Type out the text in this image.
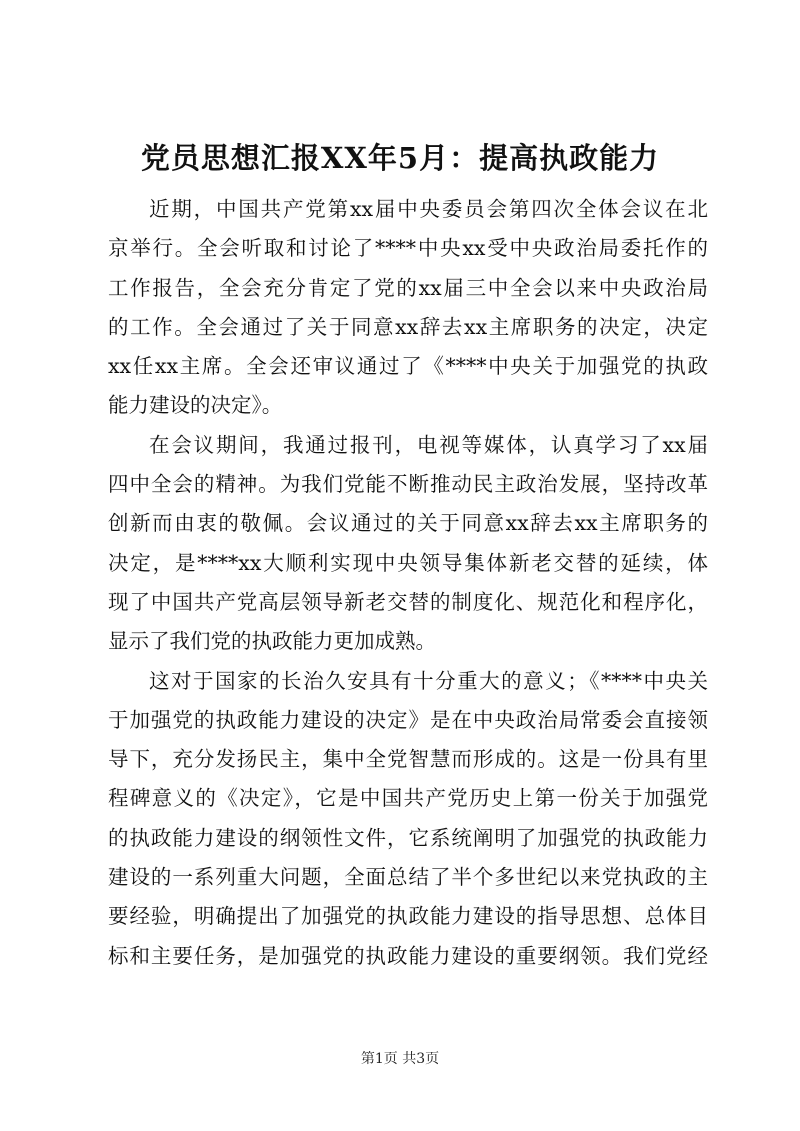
党员思想汇报XX年5月：提高执政能力
近期，中国共产党第xx届中央委员会第四次全体会议在北
京举行。全会听取和讨论了****中央xx受中央政治局委托作的
工作报告，全会充分肯定了党的xx届三中全会以来中央政治局
的工作。全会通过了关于同意xx辞去xx主席职务的决定，决定
xx任xx主席。全会还审议通过了《****中央关于加强党的执政
能力建设的决定》。
在会议期间，我通过报刊，电视等媒体，认真学习了xx届
四中全会的精神。为我们党能不断推动民主政治发展，坚持改革
创新而由衷的敬佩。会议通过的关于同意xx辞去xx主席职务的
决定，是****xx大顺利实现中央领导集体新老交替的延续，体
现了中国共产党高层领导新老交替的制度化、规范化和程序化，
显示了我们党的执政能力更加成熟。
这对于国家的长治久安具有十分重大的意义；《****中央关
于加强党的执政能力建设的决定》是在中央政治局常委会直接领
导下，充分发扬民主，集中全党智慧而形成的。这是一份具有里
程碑意义的《决定》，它是中国共产党历史上第一份关于加强党
的执政能力建设的纲领性文件，它系统阐明了加强党的执政能力
建设的一系列重大问题，全面总结了半个多世纪以来党执政的主
要经验，明确提出了加强党的执政能力建设的指导思想、总体目
标和主要任务，是加强党的执政能力建设的重要纲领。我们党经
第1页 共3页
